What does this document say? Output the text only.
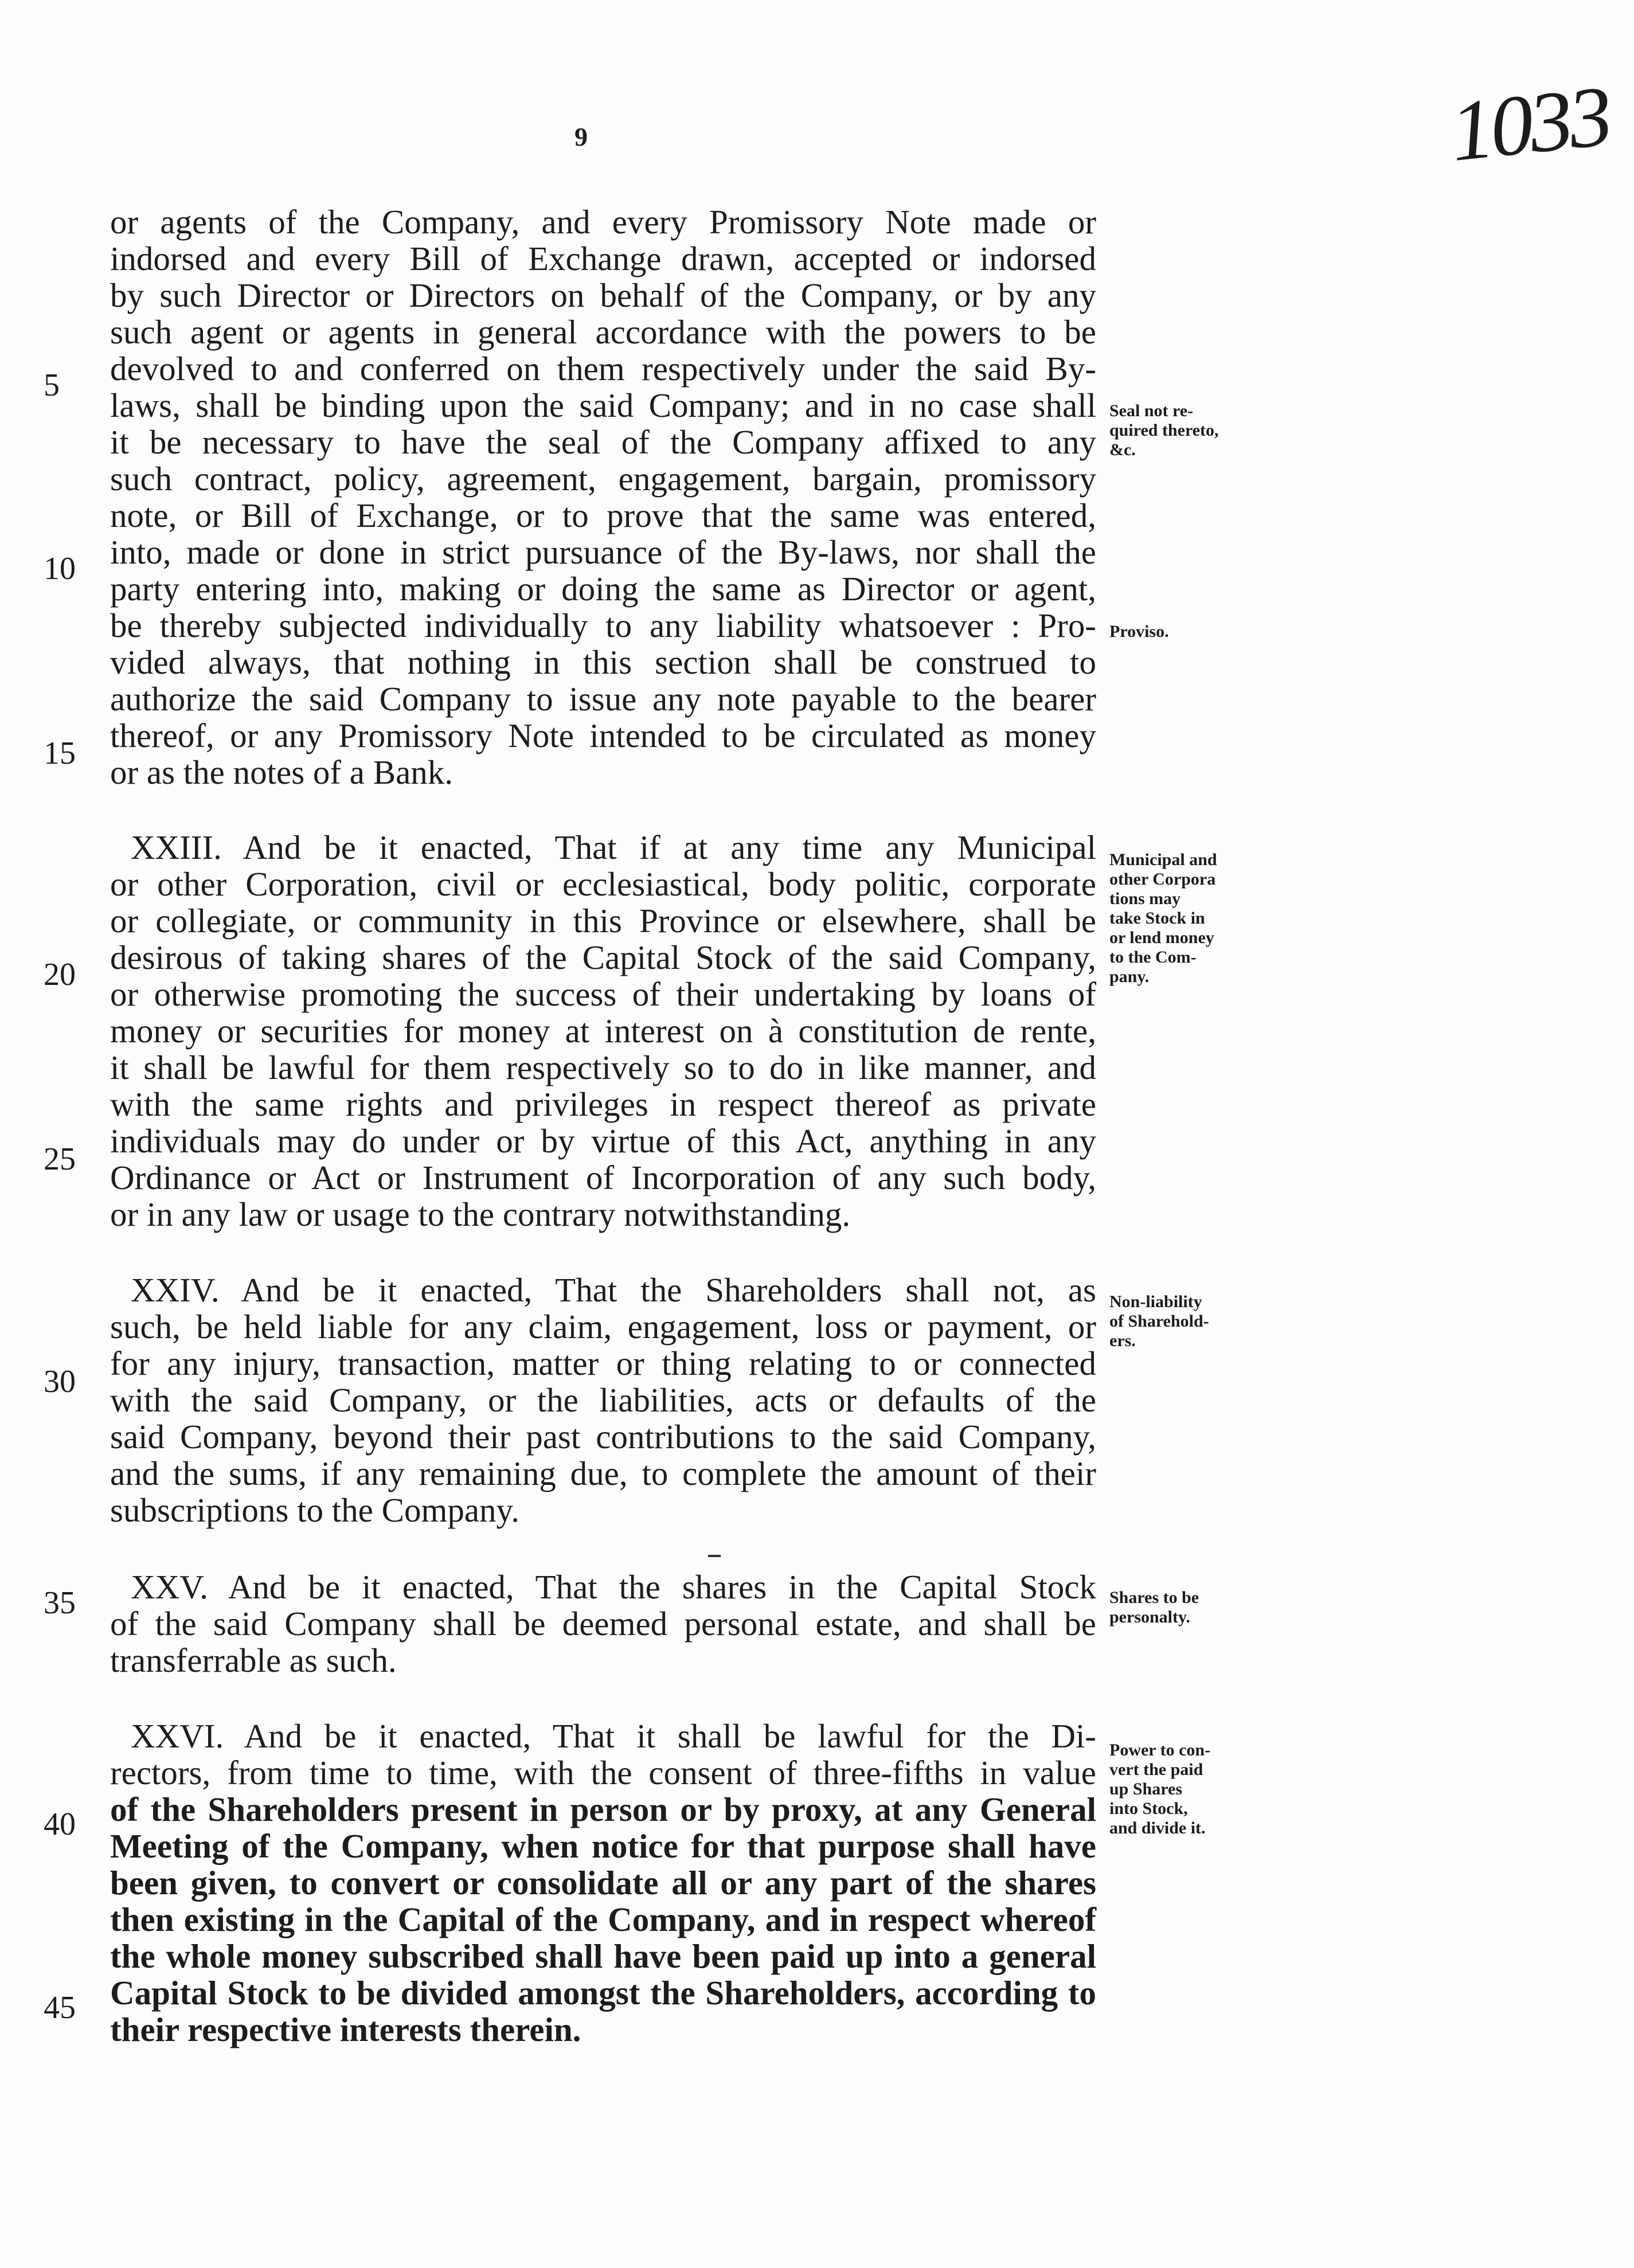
9	1033
5
10
15
20
25
30
35
40
45
or agents of the Company, and every Promissory Note made or
indorsed and every Bill of Exchange drawn, accepted or indorsed
by such Director or Directors on behalf of the Company, or by any
such agent or agents in general accordance with the powers to be
devolved to and conferred on them respectively under the said By-
laws, shall be binding upon the said Company; and in no case shall
it be necessary to have the seal of the Company affixed to any
such contract, policy, agreement, engagement, bargain, promissory
note, or Bill of Exchange, or to prove that the same was entered,
into, made or done in strict pursuance of the By-laws, nor shall the
party entering into, making or doing the same as Director or agent,
be thereby subjected individually to any liability whatsoever : Pro-
vided always, that nothing in this section shall be construed to
authorize the said Company to issue any note payable to the bearer
thereof, or any Promissory Note intended to be circulated as money
or as the notes of a Bank.
XXIII. And be it enacted, That if at any time any Municipal
or other Corporation, civil or ecclesiastical, body politic, corporate
or collegiate, or community in this Province or elsewhere, shall be
desirous of taking shares of the Capital Stock of the said Company,
or otherwise promoting the success of their undertaking by loans of
money or securities for money at interest on à constitution de rente,
it shall be lawful for them respectively so to do in like manner, and
with the same rights and privileges in respect thereof as private
individuals may do under or by virtue of this Act, anything in any
Ordinance or Act or Instrument of Incorporation of any such body,
or in any law or usage to the contrary notwithstanding.
XXIV. And be it enacted, That the Shareholders shall not, as
such, be held liable for any claim, engagement, loss or payment, or
for any injury, transaction, matter or thing relating to or connected
with the said Company, or the liabilities, acts or defaults of the
said Company, beyond their past contributions to the said Company,
and the sums, if any remaining due, to complete the amount of their
subscriptions to the Company.
XXV. And be it enacted, That the shares in the Capital Stock
of the said Company shall be deemed personal estate, and shall be
transferrable as such.
XXVI. And be it enacted, That it shall be lawful for the Di-
rectors, from time to time, with the consent of three-fifths in value
of the Shareholders present in person or by proxy, at any General
Meeting of the Company, when notice for that purpose shall have
been given, to convert or consolidate all or any part of the shares
then existing in the Capital of the Company, and in respect whereof
the whole money subscribed shall have been paid up into a general
Capital Stock to be divided amongst the Shareholders, according to
their respective interests therein.
Seal not re-
quired thereto,
&c.
Proviso.
Municipal and
other Corpora
tions may
take Stock in
or lend money
to the Com-
pany.
Non-liability
of Sharehold-
ers.
Shares to be
personalty.
Power to con-
vert the paid
up Shares
into Stock,
and divide it.
